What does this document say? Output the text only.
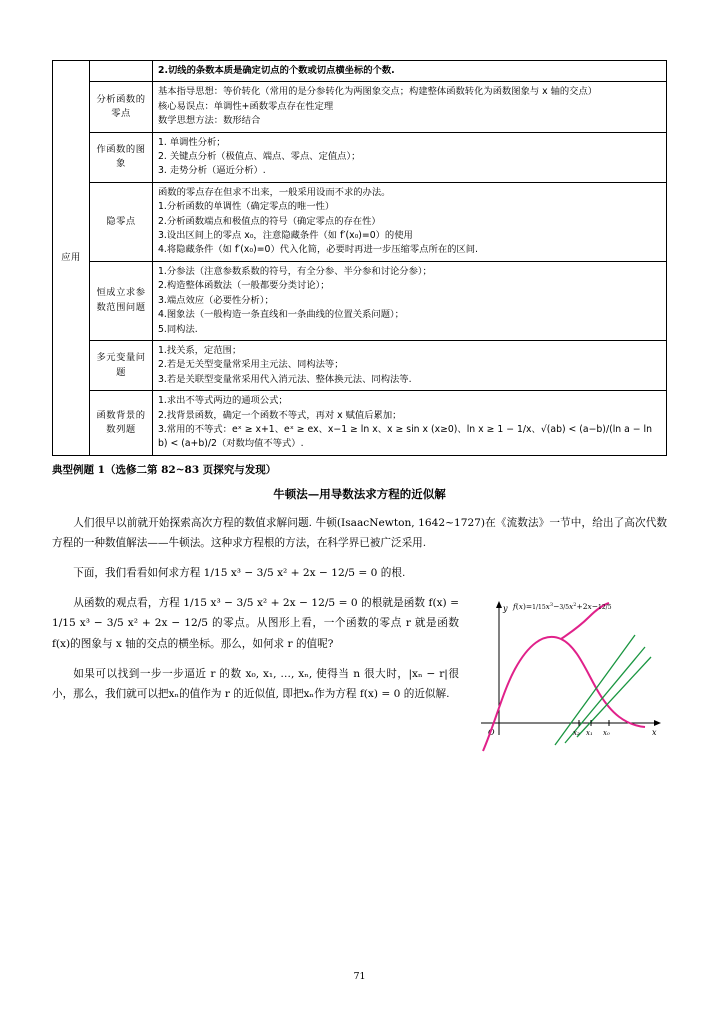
应用		2.切线的条数本质是确定切点的个数或切点横坐标的个数.

	分析函数的零点	基本指导思想：等价转化（常用的是分参转化为两图象交点；构建整体函数转化为函数图象与 x 轴的交点）

核心易误点：单调性+函数零点存在性定理

数学思想方法：数形结合

	作函数的图象	1. 单调性分析；

2. 关键点分析（极值点、端点、零点、定值点）；

3. 走势分析（逼近分析）.

	隐零点	函数的零点存在但求不出来，一般采用设而不求的办法。

1.分析函数的单调性（确定零点的唯一性）

2.分析函数端点和极值点的符号（确定零点的存在性）

3.设出区间上的零点 x₀，注意隐藏条件（如 f′(x₀)=0）的使用

4.将隐藏条件（如 f′(x₀)=0）代入化简，必要时再进一步压缩零点所在的区间.

	恒成立求参数范围问题	1.分参法（注意参数系数的符号，有全分参、半分参和讨论分参）；

2.构造整体函数法（一般都要分类讨论）；

3.端点效应（必要性分析）；

4.图象法（一般构造一条直线和一条曲线的位置关系问题）；

5.同构法.

	多元变量问题	1.找关系，定范围；

2.若是无关型变量常采用主元法、同构法等；

3.若是关联型变量常采用代入消元法、整体换元法、同构法等.

	函数背景的数列题	1.求出不等式两边的通项公式；

2.找背景函数，确定一个函数不等式，再对 x 赋值后累加；

3.常用的不等式：eˣ ≥ x+1、eˣ ≥ ex、x−1 ≥ ln x、x ≥ sin x (x≥0)、ln x ≥ 1 − 1/x、√(ab) < (a−b)/(ln a − ln b) < (a+b)/2（对数均值不等式）.

典型例题 1（选修二第 82~83 页探究与发现）
牛顿法—用导数法求方程的近似解

人们很早以前就开始探索高次方程的数值求解问题. 牛顿(IsaacNewton, 1642~1727)在《流数法》一节中，给出了高次代数方程的一种数值解法——牛顿法。这种求方程根的方法，在科学界已被广泛采用.

下面，我们看看如何求方程 1/15 x³ − 3/5 x² + 2x − 12/5 = 0 的根.

y
x
O	x₂ x₁ x₀
$f(x)=1/15x^3-3/5x^2+2x-12/5$

从函数的观点看，方程 1/15 x³ − 3/5 x² + 2x − 12/5 = 0 的根就是函数 f(x) = 1/15 x³ − 3/5 x² + 2x − 12/5 的零点。从图形上看，一个函数的零点 r 就是函数 f(x)的图象与 x 轴的交点的横坐标。那么，如何求 r 的值呢?

如果可以找到一步一步逼近 r 的数 x₀, x₁, …, xₙ, 使得当 n 很大时，|xₙ − r|很小，那么，我们就可以把xₙ的值作为 r 的近似值, 即把xₙ作为方程 f(x) = 0 的近似解.

71
